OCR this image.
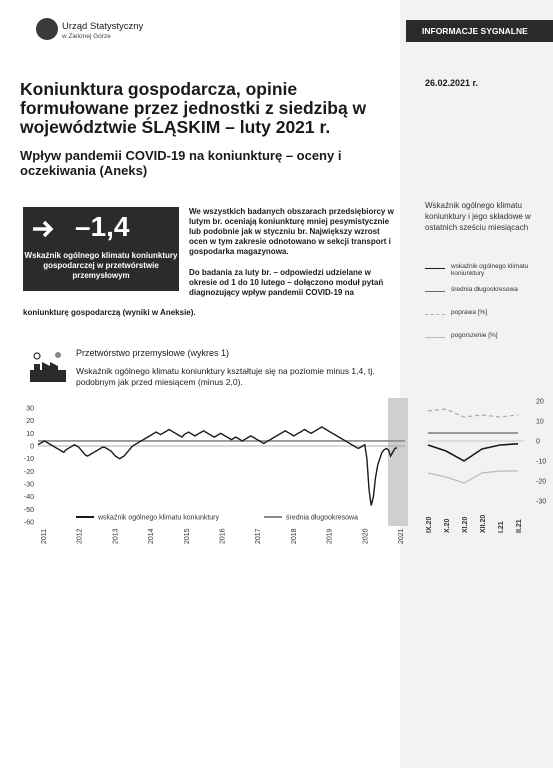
Urząd Statystyczny
w Zielonej Górze
INFORMACJE SYGNALNE
26.02.2021 r.
Koniunktura gospodarcza, opinie formułowane przez jednostki z siedzibą w województwie ŚLĄSKIM – luty 2021 r.
Wpływ pandemii COVID-19 na koniunkturę – oceny i oczekiwania (Aneks)
–1,4
Wskaźnik ogólnego klimatu koniunktury gospodarczej w przetwórstwie przemysłowym
We wszystkich badanych obszarach przedsiębiorcy w lutym br. oceniają koniunkturę mniej pesymistycznie lub podobnie jak w styczniu br. Największy wzrost ocen w tym zakresie odnotowano w sekcji transport i gospodarka magazynowa.
Do badania za luty br. – odpowiedzi udzielane w okresie od 1 do 10 lutego – dołączono moduł pytań diagnozujący wpływ pandemii COVID-19 na
koniunkturę gospodarczą (wyniki w Aneksie).
Przetwórstwo przemysłowe (wykres 1)
Wskaźnik ogólnego klimatu koniunktury kształtuje się na poziomie minus 1,4, tj. podobnym jak przed miesiącem (minus 2,0).
30
20
10
0
-10
-20
-30
-40
-50
-60
2011	2012	2013	2014	2015	2016	2017	2018	2019	2020	2021
wskaźnik ogólnego klimatu koniunktury	średnia długookresowa
Wskaźnik ogólnego klimatu koniunktury i jego składowe w ostatnich sześciu miesiącach
wskaźnik ogólnego klimatu koniunktury
średnia długookresowa
poprawa [%]
pogorszenie [%]
20
10
0
-10
-20
-30
IX.20 X.20 XI.20 XII.20 I.21 II.21
